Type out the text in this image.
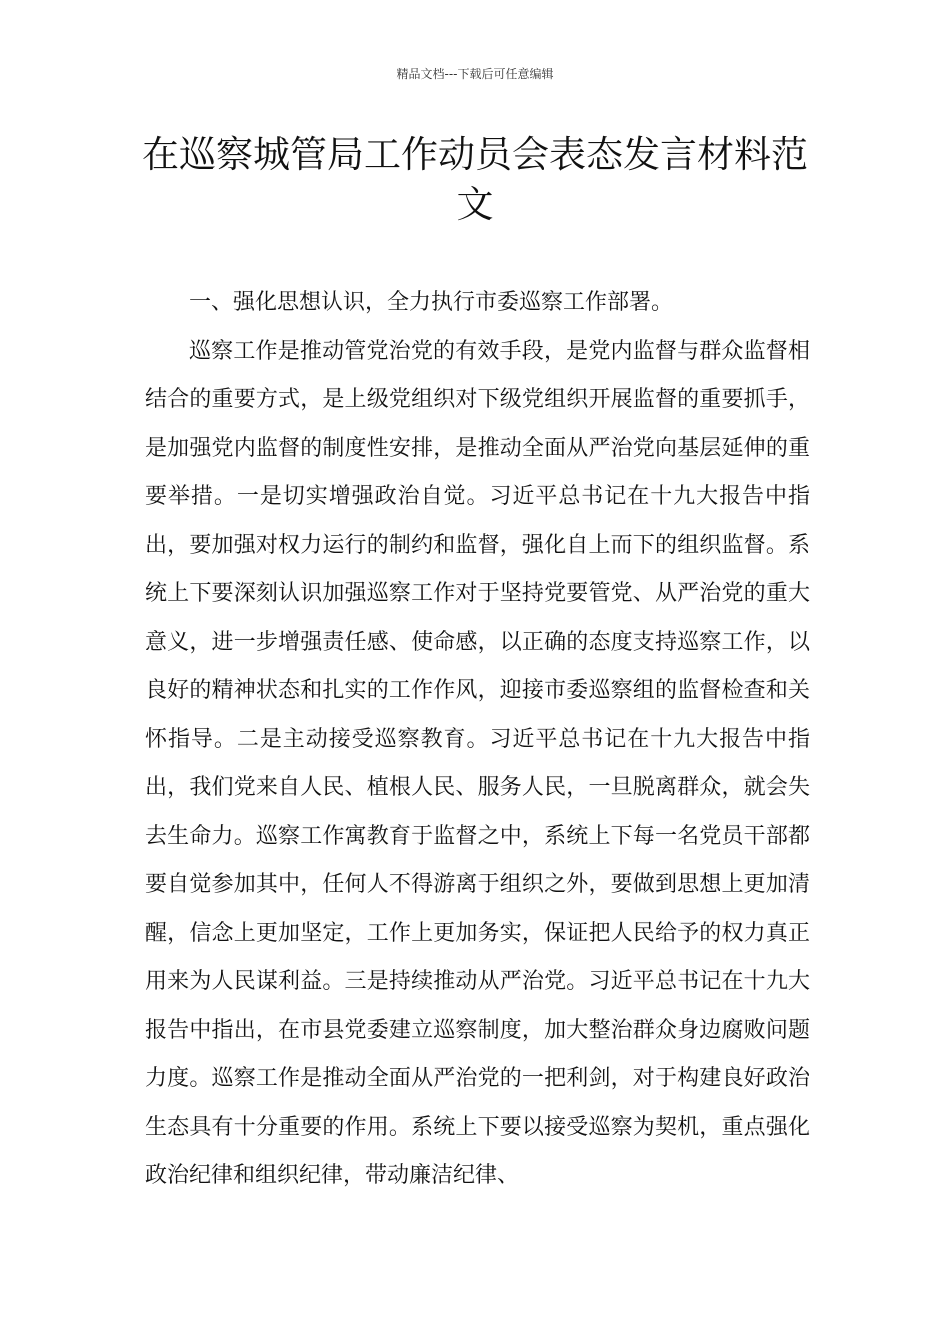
精品文档---下载后可任意编辑
在巡察城管局工作动员会表态发言材料范文

一、强化思想认识，全力执行市委巡察工作部署。

巡察工作是推动管党治党的有效手段，是党内监督与群众监督相结合的重要方式，是上级党组织对下级党组织开展监督的重要抓手，是加强党内监督的制度性安排，是推动全面从严治党向基层延伸的重要举措。一是切实增强政治自觉。习近平总书记在十九大报告中指出，要加强对权力运行的制约和监督，强化自上而下的组织监督。系统上下要深刻认识加强巡察工作对于坚持党要管党、从严治党的重大意义，进一步增强责任感、使命感，以正确的态度支持巡察工作，以良好的精神状态和扎实的工作作风，迎接市委巡察组的监督检查和关怀指导。二是主动接受巡察教育。习近平总书记在十九大报告中指出，我们党来自人民、植根人民、服务人民，一旦脱离群众，就会失去生命力。巡察工作寓教育于监督之中，系统上下每一名党员干部都要自觉参加其中，任何人不得游离于组织之外，要做到思想上更加清醒，信念上更加坚定，工作上更加务实，保证把人民给予的权力真正用来为人民谋利益。三是持续推动从严治党。习近平总书记在十九大报告中指出，在市县党委建立巡察制度，加大整治群众身边腐败问题力度。巡察工作是推动全面从严治党的一把利剑，对于构建良好政治生态具有十分重要的作用。系统上下要以接受巡察为契机，重点强化政治纪律和组织纪律，带动廉洁纪律、
